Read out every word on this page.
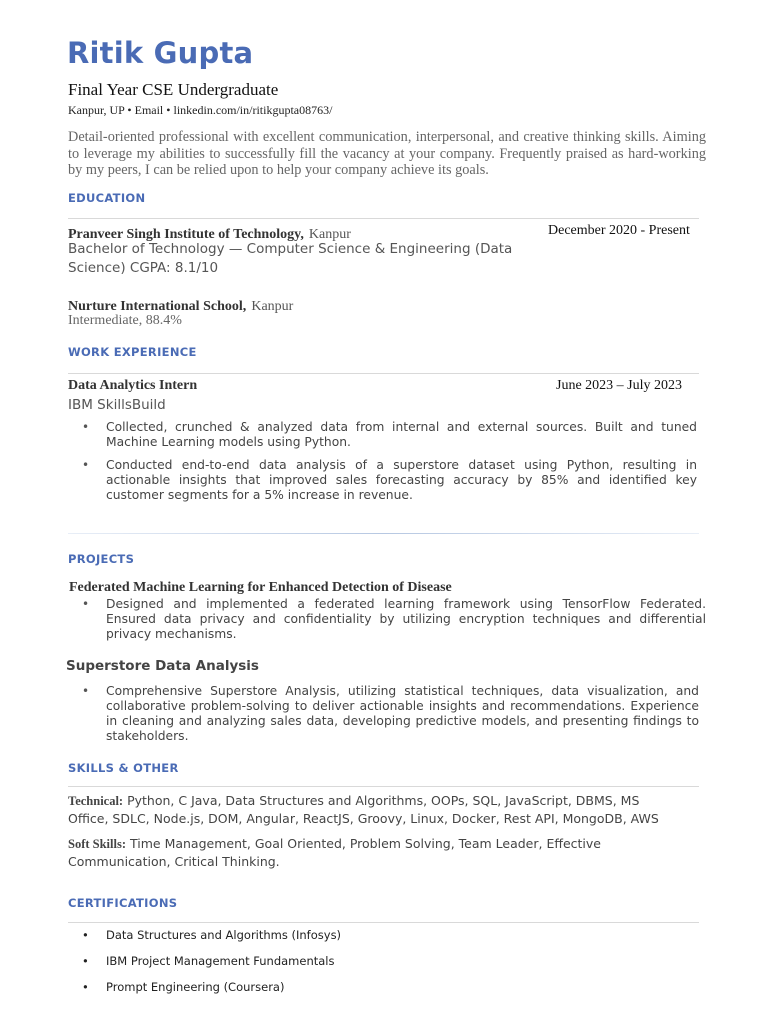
Ritik Gupta

Final Year CSE Undergraduate

Kanpur, UP • Email • linkedin.com/in/ritikgupta08763/

Detail-oriented professional with excellent communication, interpersonal, and creative thinking skills. Aiming to leverage my abilities to successfully fill the vacancy at your company. Frequently praised as hard-working by my peers, I can be relied upon to help your company achieve its goals.

EDUCATION
Pranveer Singh Institute of Technology, Kanpur	December 2020 - Present
Bachelor of Technology — Computer Science & Engineering (Data Science) CGPA: 8.1/10
Nurture International School, Kanpur
Intermediate, 88.4%
WORK EXPERIENCE
Data Analytics Intern	June 2023 – July 2023
IBM SkillsBuild
• Collected, crunched & analyzed data from internal and external sources. Built and tuned Machine Learning models using Python.
• Conducted end-to-end data analysis of a superstore dataset using Python, resulting in actionable insights that improved sales forecasting accuracy by 85% and identified key customer segments for a 5% increase in revenue.
PROJECTS
Federated Machine Learning for Enhanced Detection of Disease
• Designed and implemented a federated learning framework using TensorFlow Federated. Ensured data privacy and confidentiality by utilizing encryption techniques and differential privacy mechanisms.
Superstore Data Analysis
• Comprehensive Superstore Analysis, utilizing statistical techniques, data visualization, and collaborative problem-solving to deliver actionable insights and recommendations. Experience in cleaning and analyzing sales data, developing predictive models, and presenting findings to stakeholders.
SKILLS & OTHER
Technical: Python, C Java, Data Structures and Algorithms, OOPs, SQL, JavaScript, DBMS, MS Office, SDLC, Node.js, DOM, Angular, ReactJS, Groovy, Linux, Docker, Rest API, MongoDB, AWS
Soft Skills: Time Management, Goal Oriented, Problem Solving, Team Leader, Effective Communication, Critical Thinking.
CERTIFICATIONS
• Data Structures and Algorithms (Infosys)
• IBM Project Management Fundamentals
• Prompt Engineering (Coursera)
